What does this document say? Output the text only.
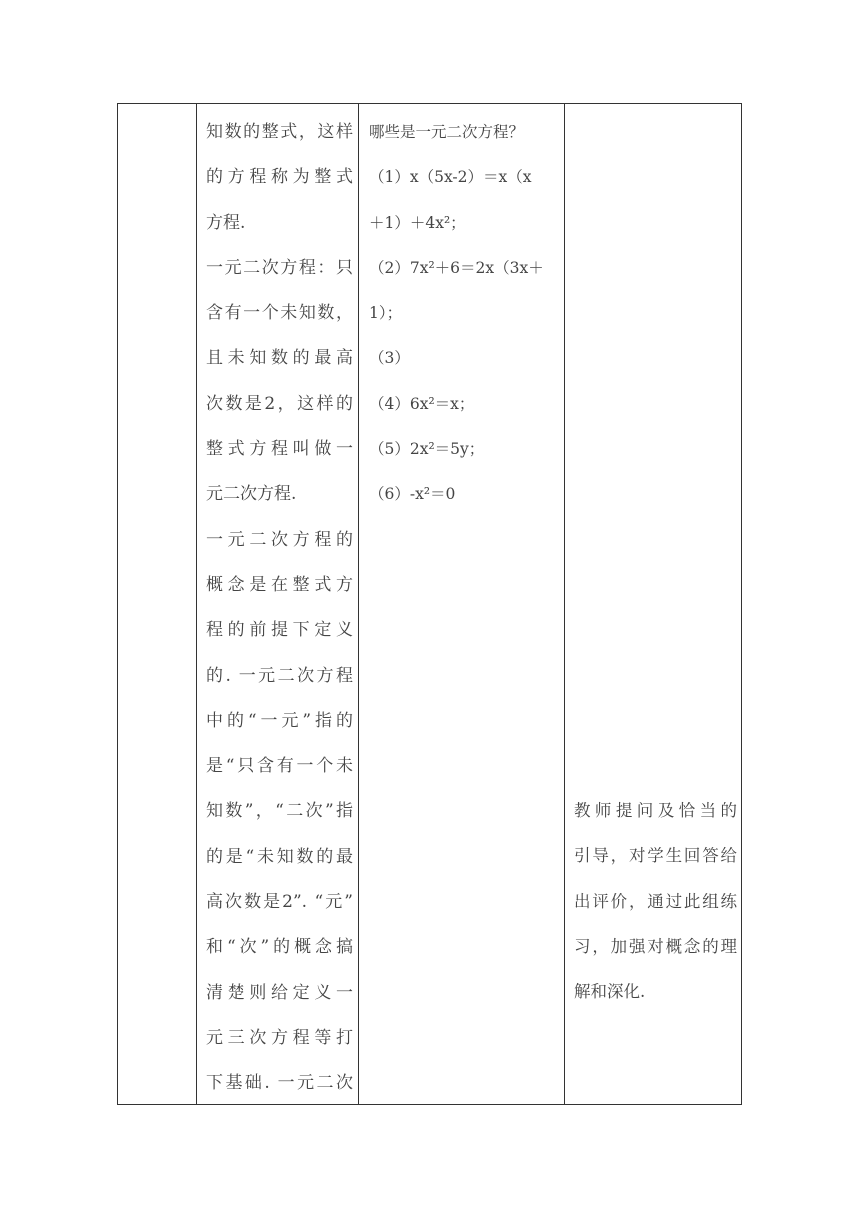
知数的整式，这样
的方程称为整式
方程.
一元二次方程：只
含有一个未知数，
且未知数的最高
次数是2，这样的
整式方程叫做一
元二次方程.
一元二次方程的
概念是在整式方
程的前提下定义
的. 一元二次方程
中的“一元”指的
是“只含有一个未
知数”，“二次”指
的是“未知数的最
高次数是2”. “元”
和“次”的概念搞
清楚则给定义一
元三次方程等打
下基础. 一元二次
哪些是一元二次方程？
（1）x（5x-2）＝x（x
＋1）＋4x²；
（2）7x²＋6＝2x（3x＋
1）；
（3）
（4）6x²＝x；
（5）2x²＝5y；
（6）-x²＝0
教师提问及恰当的
引导，对学生回答给
出评价，通过此组练
习，加强对概念的理
解和深化.
